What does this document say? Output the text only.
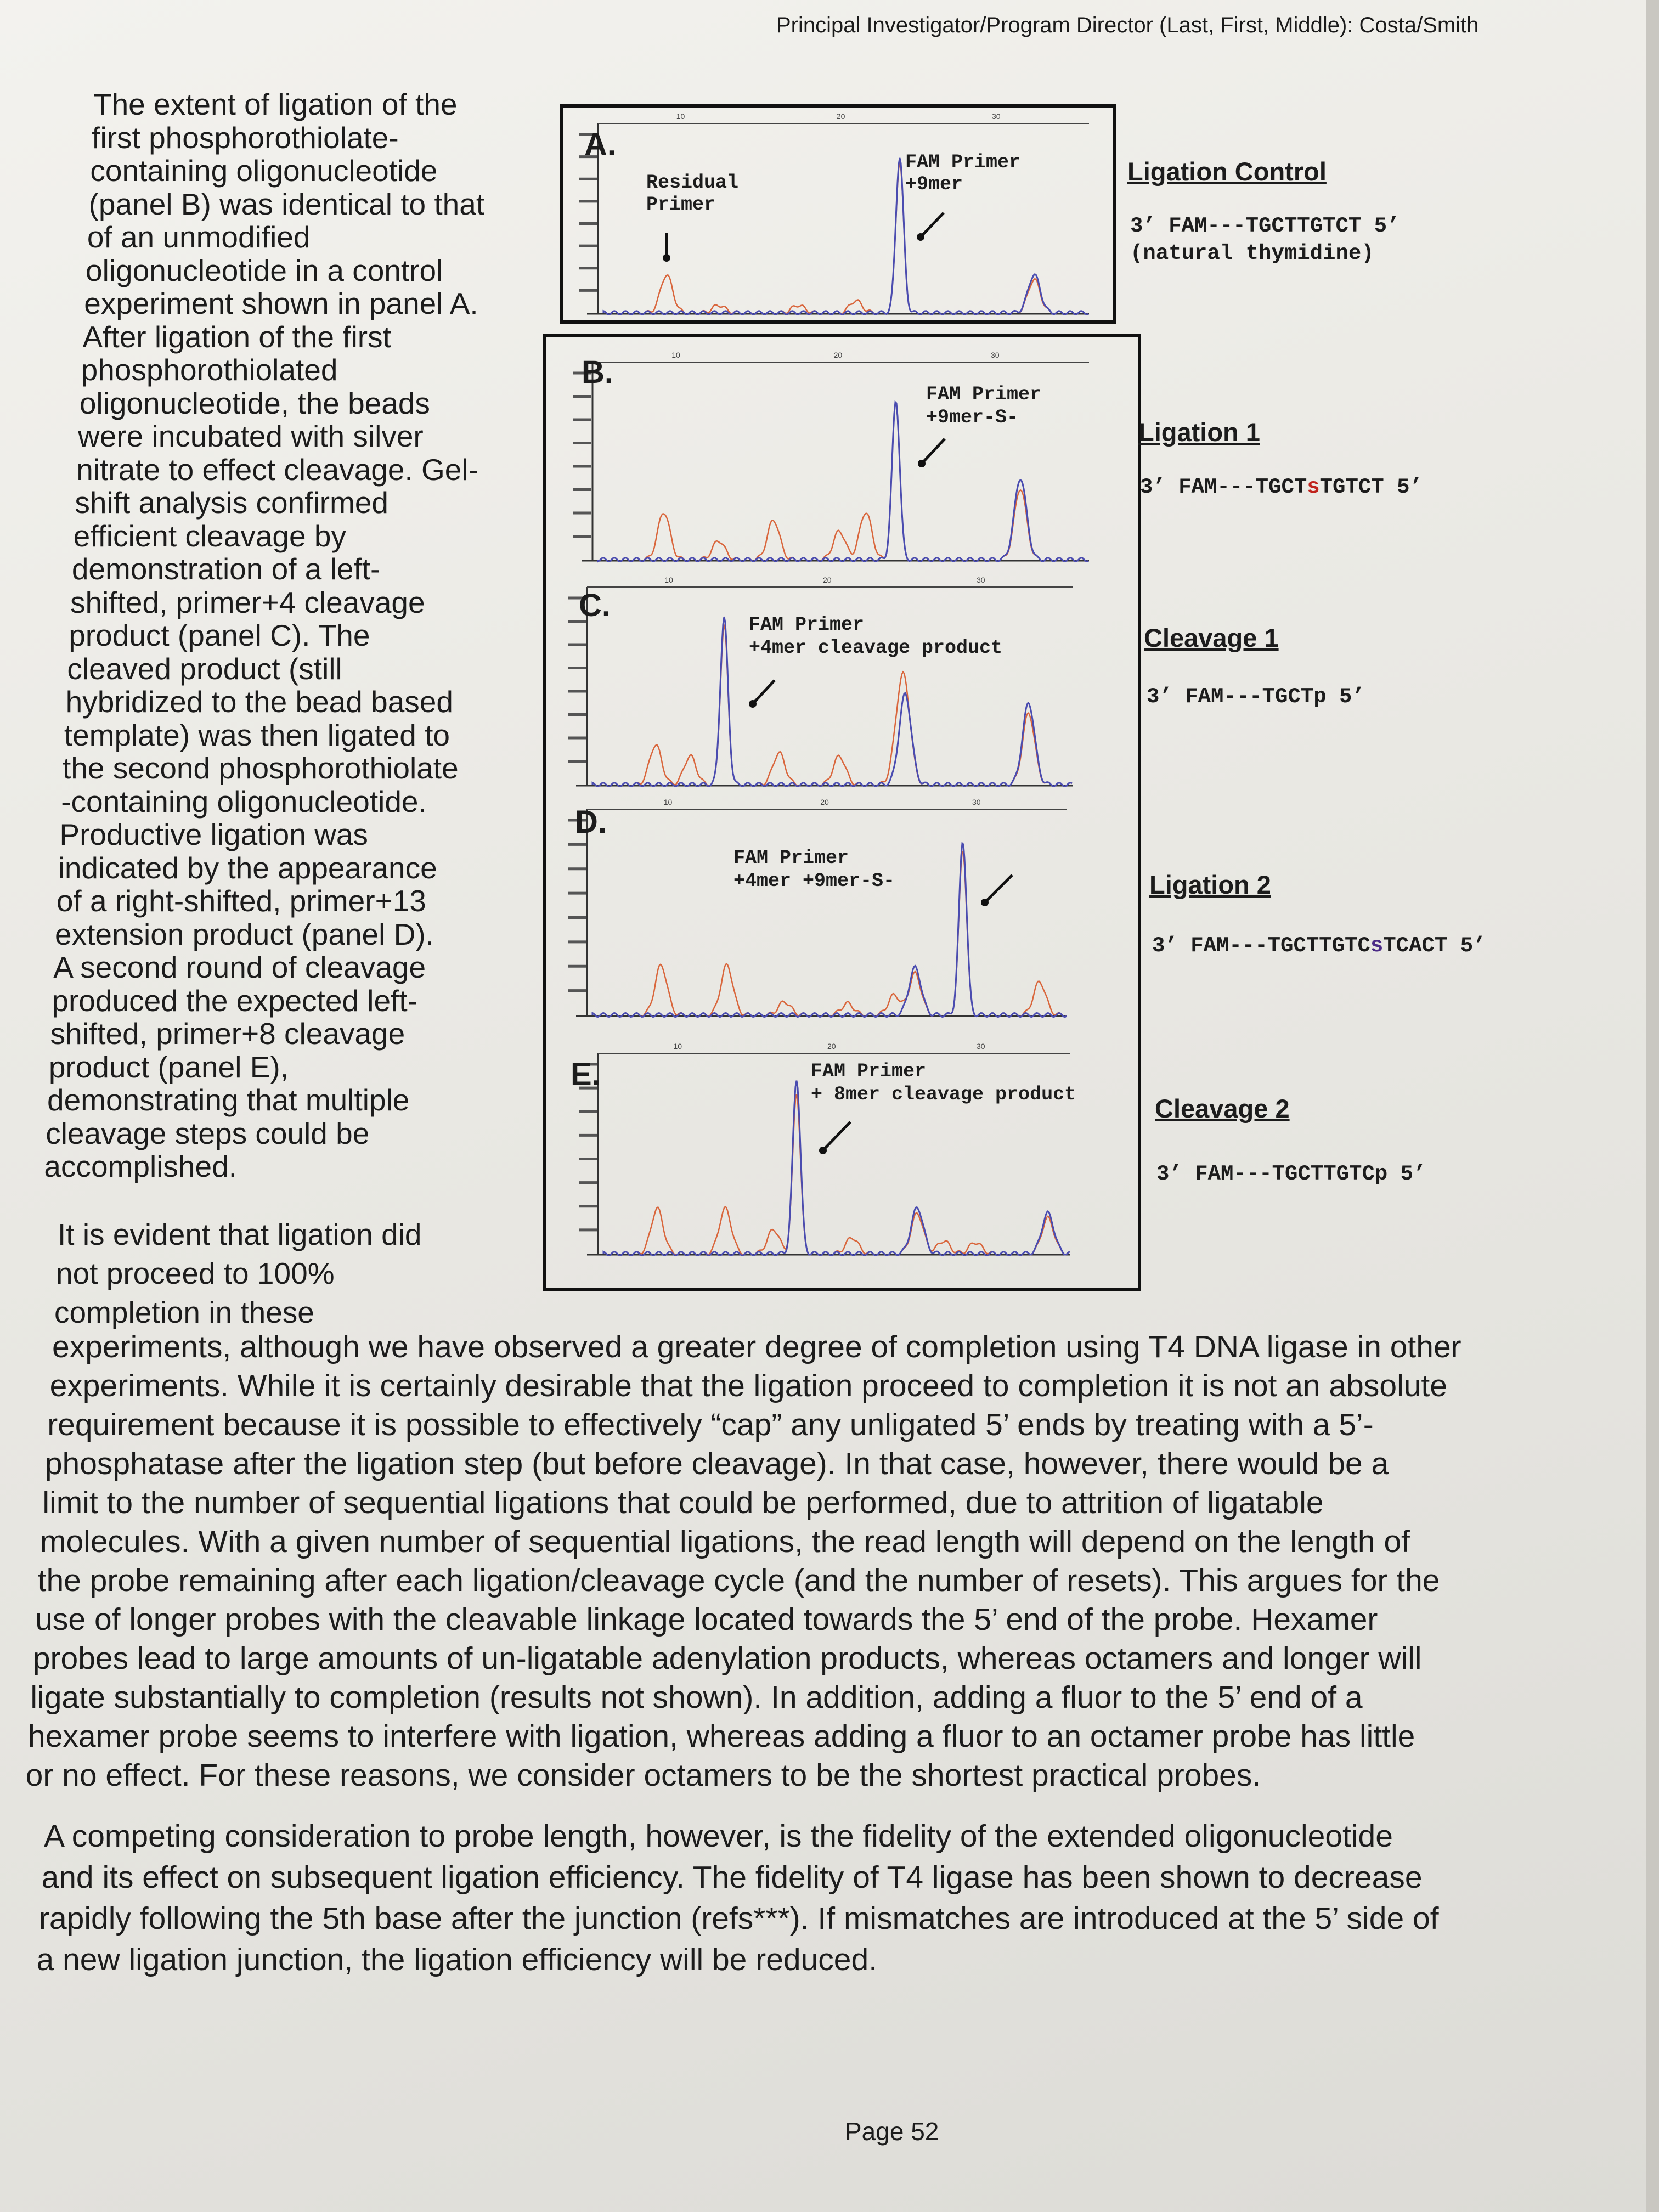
Principal Investigator/Program Director (Last, First, Middle): Costa/Smith
The extent of ligation of the
first phosphorothiolate-
containing oligonucleotide
(panel B) was identical to that
of an unmodified
oligonucleotide in a control
experiment shown in panel A.
After ligation of the first
phosphorothiolated
oligonucleotide, the beads
were incubated with silver
nitrate to effect cleavage. Gel-
shift analysis confirmed
efficient cleavage by
demonstration of a left-
shifted, primer+4 cleavage
product (panel C). The
cleaved product (still
hybridized to the bead based
template) was then ligated to
the second phosphorothiolate
-containing oligonucleotide.
Productive ligation was
indicated by the appearance
of a right-shifted, primer+13
extension product (panel D).
A second round of cleavage
produced the expected left-
shifted, primer+8 cleavage
product (panel E),
demonstrating that multiple
cleavage steps could be
accomplished.
It is evident that ligation did
not proceed to 100%
completion in these
experiments, although we have observed a greater degree of completion using T4 DNA ligase in other
experiments. While it is certainly desirable that the ligation proceed to completion it is not an absolute
requirement because it is possible to effectively “cap” any unligated 5’ ends by treating with a 5’-
phosphatase after the ligation step (but before cleavage). In that case, however, there would be a
limit to the number of sequential ligations that could be performed, due to attrition of ligatable
molecules. With a given number of sequential ligations, the read length will depend on the length of
the probe remaining after each ligation/cleavage cycle (and the number of resets). This argues for the
use of longer probes with the cleavable linkage located towards the 5’ end of the probe. Hexamer
probes lead to large amounts of un-ligatable adenylation products, whereas octamers and longer will
ligate substantially to completion (results not shown). In addition, adding a fluor to the 5’ end of a
hexamer probe seems to interfere with ligation, whereas adding a fluor to an octamer probe has little
or no effect. For these reasons, we consider octamers to be the shortest practical probes.
A competing consideration to probe length, however, is the fidelity of the extended oligonucleotide
and its effect on subsequent ligation efficiency. The fidelity of T4 ligase has been shown to decrease
rapidly following the 5th base after the junction (refs***). If mismatches are introduced at the 5’ side of
a new ligation junction, the ligation efficiency will be reduced.
Page 52
10	20	30
10	20	30
10	20	30
10	20	30
10	20	30
A.
B.
C.
D.
E.
Residual
Primer
FAM Primer
+9mer
FAM Primer
+9mer-S-
FAM Primer
+4mer cleavage product
FAM Primer
+4mer +9mer-S-
FAM Primer
+ 8mer cleavage product
Ligation Control
3’ FAM---TGCTTGTCT 5’
(natural thymidine)
Ligation 1
3’ FAM---TGCTsTGTCT 5’
Cleavage 1
3’ FAM---TGCTp 5’
Ligation 2
3’ FAM---TGCTTGTCsTCACT 5’
Cleavage 2
3’ FAM---TGCTTGTCp 5’
